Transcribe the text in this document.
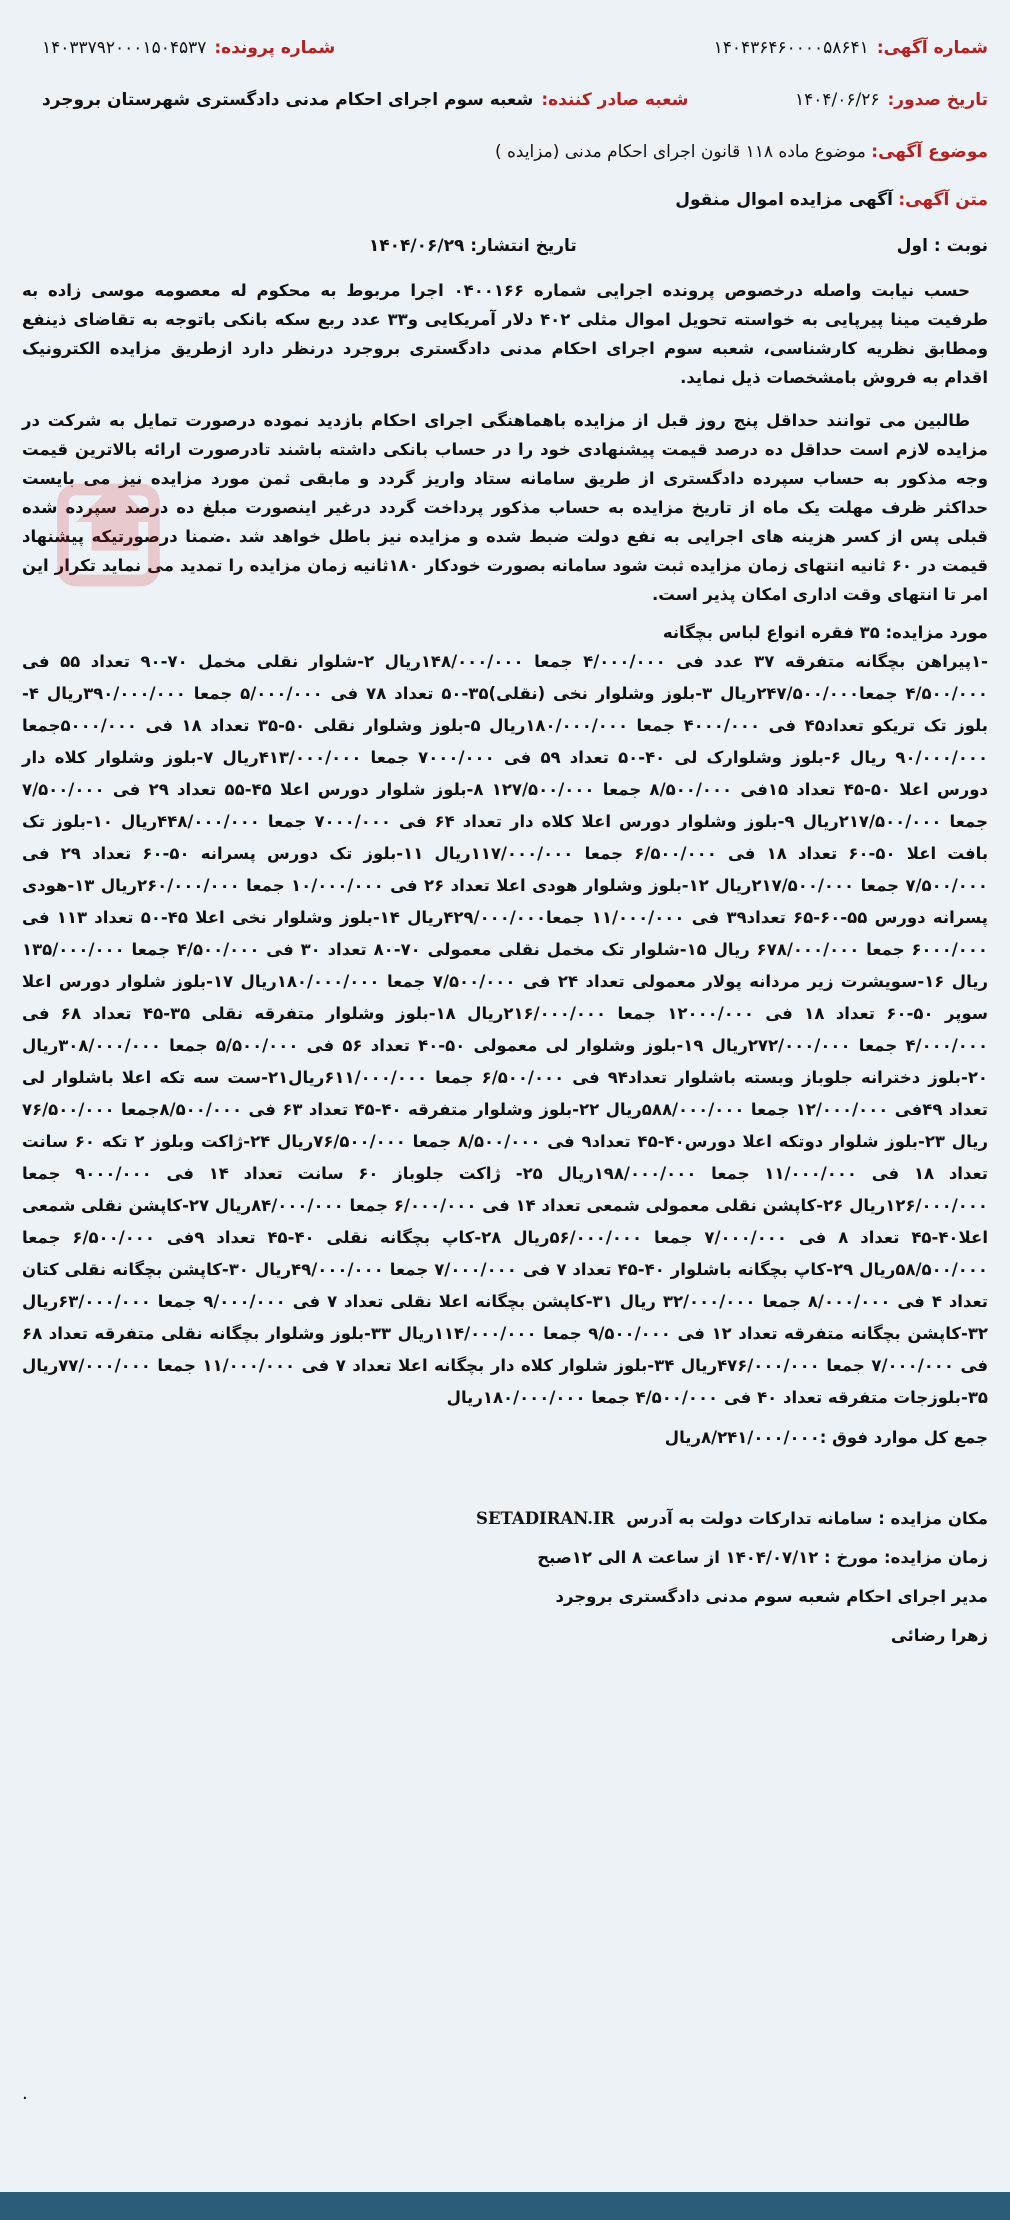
شماره آگهی:
۱۴۰۴۳۶۴۶۰۰۰۰۵۸۶۴۱
شماره پرونده:
۱۴۰۳۳۷۹۲۰۰۰۱۵۰۴۵۳۷
تاریخ صدور:
۱۴۰۴/۰۶/۲۶
شعبه صادر کننده:
شعبه سوم اجرای احکام مدنی دادگستری شهرستان بروجرد
موضوع آگهی: موضوع ماده ۱۱۸ قانون اجرای احکام مدنی (مزایده )
متن آگهی: آگهی مزایده اموال منقول
نوبت : اول
تاریخ انتشار: ۱۴۰۴/۰۶/۲۹

حسب نیابت واصله درخصوص پرونده اجرایی شماره ۰۴۰۰۱۶۶ اجرا مربوط به محکوم له معصومه موسی زاده به طرفیت مینا پیرپایی به خواسته تحویل اموال مثلی ۴۰۲ دلار آمریکایی و۳۳ عدد ربع سکه بانکی باتوجه به تقاضای ذینفع ومطابق نظریه کارشناسی، شعبه سوم اجرای احکام مدنی دادگستری بروجرد درنظر دارد ازطریق مزایده الکترونیک اقدام به فروش بامشخصات ذیل نماید.

طالبین می توانند حداقل پنج روز قبل از مزایده باهماهنگی اجرای احکام بازدید نموده درصورت تمایل به شرکت در مزایده لازم است حداقل ده درصد قیمت پیشنهادی خود را در حساب بانکی داشته باشند تادرصورت ارائه بالاترین قیمت وجه مذکور به حساب سپرده دادگستری از طریق سامانه ستاد واریز گردد و مابقی ثمن مورد مزایده نیز می بایست حداکثر ظرف مهلت یک ماه از تاریخ مزایده به حساب مذکور پرداخت گردد درغیر اینصورت مبلغ ده درصد سپرده شده قبلی پس از کسر هزینه های اجرایی به نفع دولت ضبط شده و مزایده نیز باطل خواهد شد .ضمنا درصورتیکه پیشنهاد قیمت در ۶۰ ثانیه انتهای زمان مزایده ثبت شود سامانه بصورت خودکار ۱۸۰ثانیه زمان مزایده را تمدید می نماید تکرار این امر تا انتهای وقت اداری امکان پذیر است.

مورد مزایده: ۳۵ فقره انواع لباس بچگانه
-۱پیراهن بچگانه متفرقه ۳۷ عدد فی ۴/۰۰۰/۰۰۰ جمعا ۱۴۸/۰۰۰/۰۰۰ریال ۲-شلوار نقلی مخمل ۷۰-۹۰ تعداد ۵۵ فی ۴/۵۰۰/۰۰۰ جمعا۲۴۷/۵۰۰/۰۰۰ریال ۳-بلوز وشلوار نخی (نقلی)۳۵-۵۰ تعداد ۷۸ فی ۵/۰۰۰/۰۰۰ جمعا ۳۹۰/۰۰۰/۰۰۰ریال ۴-بلوز تک تریکو تعداد۴۵ فی ۴۰۰۰/۰۰۰ جمعا ۱۸۰/۰۰۰/۰۰۰ریال ۵-بلوز وشلوار نقلی ۵۰-۳۵ تعداد ۱۸ فی ۵۰۰۰/۰۰۰جمعا ۹۰/۰۰۰/۰۰۰ ریال ۶-بلوز وشلوارک لی ۴۰-۵۰ تعداد ۵۹ فی ۷۰۰۰/۰۰۰ جمعا ۴۱۳/۰۰۰/۰۰۰ریال ۷-بلوز وشلوار کلاه دار دورس اعلا ۵۰-۴۵ تعداد ۱۵فی ۸/۵۰۰/۰۰۰ جمعا ۱۲۷/۵۰۰/۰۰۰ ۸-بلوز شلوار دورس اعلا ۴۵-۵۵ تعداد ۲۹ فی ۷/۵۰۰/۰۰۰ جمعا ۲۱۷/۵۰۰/۰۰۰ریال ۹-بلوز وشلوار دورس اعلا کلاه دار تعداد ۶۴ فی ۷۰۰۰/۰۰۰ جمعا ۴۴۸/۰۰۰/۰۰۰ریال ۱۰-بلوز تک بافت اعلا ۵۰-۶۰ تعداد ۱۸ فی ۶/۵۰۰/۰۰۰ جمعا ۱۱۷/۰۰۰/۰۰۰ریال ۱۱-بلوز تک دورس پسرانه ۵۰-۶۰ تعداد ۲۹ فی ۷/۵۰۰/۰۰۰ جمعا ۲۱۷/۵۰۰/۰۰۰ریال ۱۲-بلوز وشلوار هودی اعلا تعداد ۲۶ فی ۱۰/۰۰۰/۰۰۰ جمعا ۲۶۰/۰۰۰/۰۰۰ریال ۱۳-هودی پسرانه دورس ۵۵-۶۰-۶۵ تعداد۳۹ فی ۱۱/۰۰۰/۰۰۰ جمعا۴۲۹/۰۰۰/۰۰۰ریال ۱۴-بلوز وشلوار نخی اعلا ۴۵-۵۰ تعداد ۱۱۳ فی ۶۰۰۰/۰۰۰ جمعا ۶۷۸/۰۰۰/۰۰۰ ریال ۱۵-شلوار تک مخمل نقلی معمولی ۷۰-۸۰ تعداد ۳۰ فی ۴/۵۰۰/۰۰۰ جمعا ۱۳۵/۰۰۰/۰۰۰ ریال ۱۶-سویشرت زیر مردانه پولار معمولی تعداد ۲۴ فی ۷/۵۰۰/۰۰۰ جمعا ۱۸۰/۰۰۰/۰۰۰ریال ۱۷-بلوز شلوار دورس اعلا سوپر ۵۰-۶۰ تعداد ۱۸ فی ۱۲۰۰۰/۰۰۰ جمعا ۲۱۶/۰۰۰/۰۰۰ریال ۱۸-بلوز وشلوار متفرقه نقلی ۳۵-۴۵ تعداد ۶۸ فی ۴/۰۰۰/۰۰۰ جمعا ۲۷۲/۰۰۰/۰۰۰ریال ۱۹-بلوز وشلوار لی معمولی ۵۰-۴۰ تعداد ۵۶ فی ۵/۵۰۰/۰۰۰ جمعا ۳۰۸/۰۰۰/۰۰۰ریال ۲۰-بلوز دخترانه جلوباز وبسته باشلوار تعداد۹۴ فی ۶/۵۰۰/۰۰۰ جمعا ۶۱۱/۰۰۰/۰۰۰ریال۲۱-ست سه تکه اعلا باشلوار لی تعداد ۴۹فی ۱۲/۰۰۰/۰۰۰ جمعا ۵۸۸/۰۰۰/۰۰۰ریال ۲۲-بلوز وشلوار متفرقه ۴۰-۴۵ تعداد ۶۳ فی ۸/۵۰۰/۰۰۰جمعا ۷۶/۵۰۰/۰۰۰ ریال ۲۳-بلوز شلوار دوتکه اعلا دورس۴۰-۴۵ تعداد۹ فی ۸/۵۰۰/۰۰۰ جمعا ۷۶/۵۰۰/۰۰۰ریال ۲۴-ژاکت وبلوز ۲ تکه ۶۰ سانت تعداد ۱۸ فی ۱۱/۰۰۰/۰۰۰ جمعا ۱۹۸/۰۰۰/۰۰۰ریال ۲۵- ژاکت جلوباز ۶۰ سانت تعداد ۱۴ فی ۹۰۰۰/۰۰۰ جمعا ۱۲۶/۰۰۰/۰۰۰ریال ۲۶-کاپشن نقلی معمولی شمعی تعداد ۱۴ فی ۶/۰۰۰/۰۰۰ جمعا ۸۴/۰۰۰/۰۰۰ریال ۲۷-کاپشن نقلی شمعی اعلا۴۰-۴۵ تعداد ۸ فی ۷/۰۰۰/۰۰۰ جمعا ۵۶/۰۰۰/۰۰۰ریال ۲۸-کاپ بچگانه نقلی ۴۰-۴۵ تعداد ۹فی ۶/۵۰۰/۰۰۰ جمعا ۵۸/۵۰۰/۰۰۰ریال ۲۹-کاپ بچگانه باشلوار ۴۰-۴۵ تعداد ۷ فی ۷/۰۰۰/۰۰۰ جمعا ۴۹/۰۰۰/۰۰۰ریال ۳۰-کاپشن بچگانه نقلی کتان تعداد ۴ فی ۸/۰۰۰/۰۰۰ جمعا ۳۲/۰۰۰/۰۰۰ ریال ۳۱-کاپشن بچگانه اعلا نقلی تعداد ۷ فی ۹/۰۰۰/۰۰۰ جمعا ۶۳/۰۰۰/۰۰۰ریال ۳۲-کاپشن بچگانه متفرقه تعداد ۱۲ فی ۹/۵۰۰/۰۰۰ جمعا ۱۱۴/۰۰۰/۰۰۰ریال ۳۳-بلوز وشلوار بچگانه نقلی متفرقه تعداد ۶۸ فی ۷/۰۰۰/۰۰۰ جمعا ۴۷۶/۰۰۰/۰۰۰ریال ۳۴-بلوز شلوار کلاه دار بچگانه اعلا تعداد ۷ فی ۱۱/۰۰۰/۰۰۰ جمعا ۷۷/۰۰۰/۰۰۰ریال ۳۵-بلوزجات متفرقه تعداد ۴۰ فی ۴/۵۰۰/۰۰۰ جمعا ۱۸۰/۰۰۰/۰۰۰ریال
جمع کل موارد فوق :۸/۲۴۱/۰۰۰/۰۰۰ریال
مکان مزایده : سامانه تدارکات دولت به آدرس SETADIRAN.IR
زمان مزایده: مورخ : ۱۴۰۴/۰۷/۱۲ از ساعت ۸ الی ۱۲صبح
مدیر اجرای احکام شعبه سوم مدنی دادگستری بروجرد
زهرا رضائی
.
